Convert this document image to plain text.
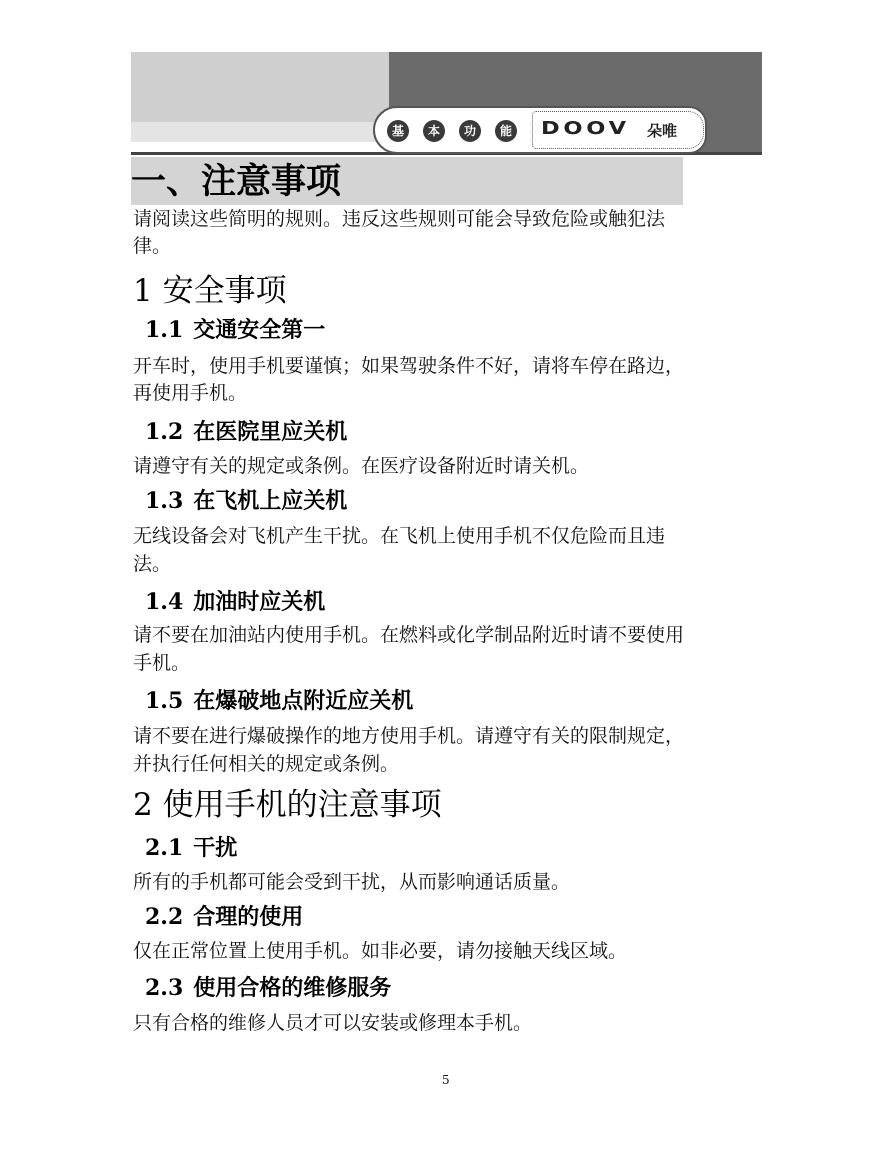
基	本	功	能 DOOV 朵唯
一、注意事项
请阅读这些简明的规则。违反这些规则可能会导致危险或触犯法
律。
1 安全事项
1.1 交通安全第一
开车时，使用手机要谨慎；如果驾驶条件不好，请将车停在路边，
再使用手机。
1.2 在医院里应关机
请遵守有关的规定或条例。在医疗设备附近时请关机。
1.3 在飞机上应关机
无线设备会对飞机产生干扰。在飞机上使用手机不仅危险而且违
法。
1.4 加油时应关机
请不要在加油站内使用手机。在燃料或化学制品附近时请不要使用
手机。
1.5 在爆破地点附近应关机
请不要在进行爆破操作的地方使用手机。请遵守有关的限制规定，
并执行任何相关的规定或条例。
2 使用手机的注意事项
2.1 干扰
所有的手机都可能会受到干扰，从而影响通话质量。
2.2 合理的使用
仅在正常位置上使用手机。如非必要，请勿接触天线区域。
2.3 使用合格的维修服务
只有合格的维修人员才可以安装或修理本手机。
5
